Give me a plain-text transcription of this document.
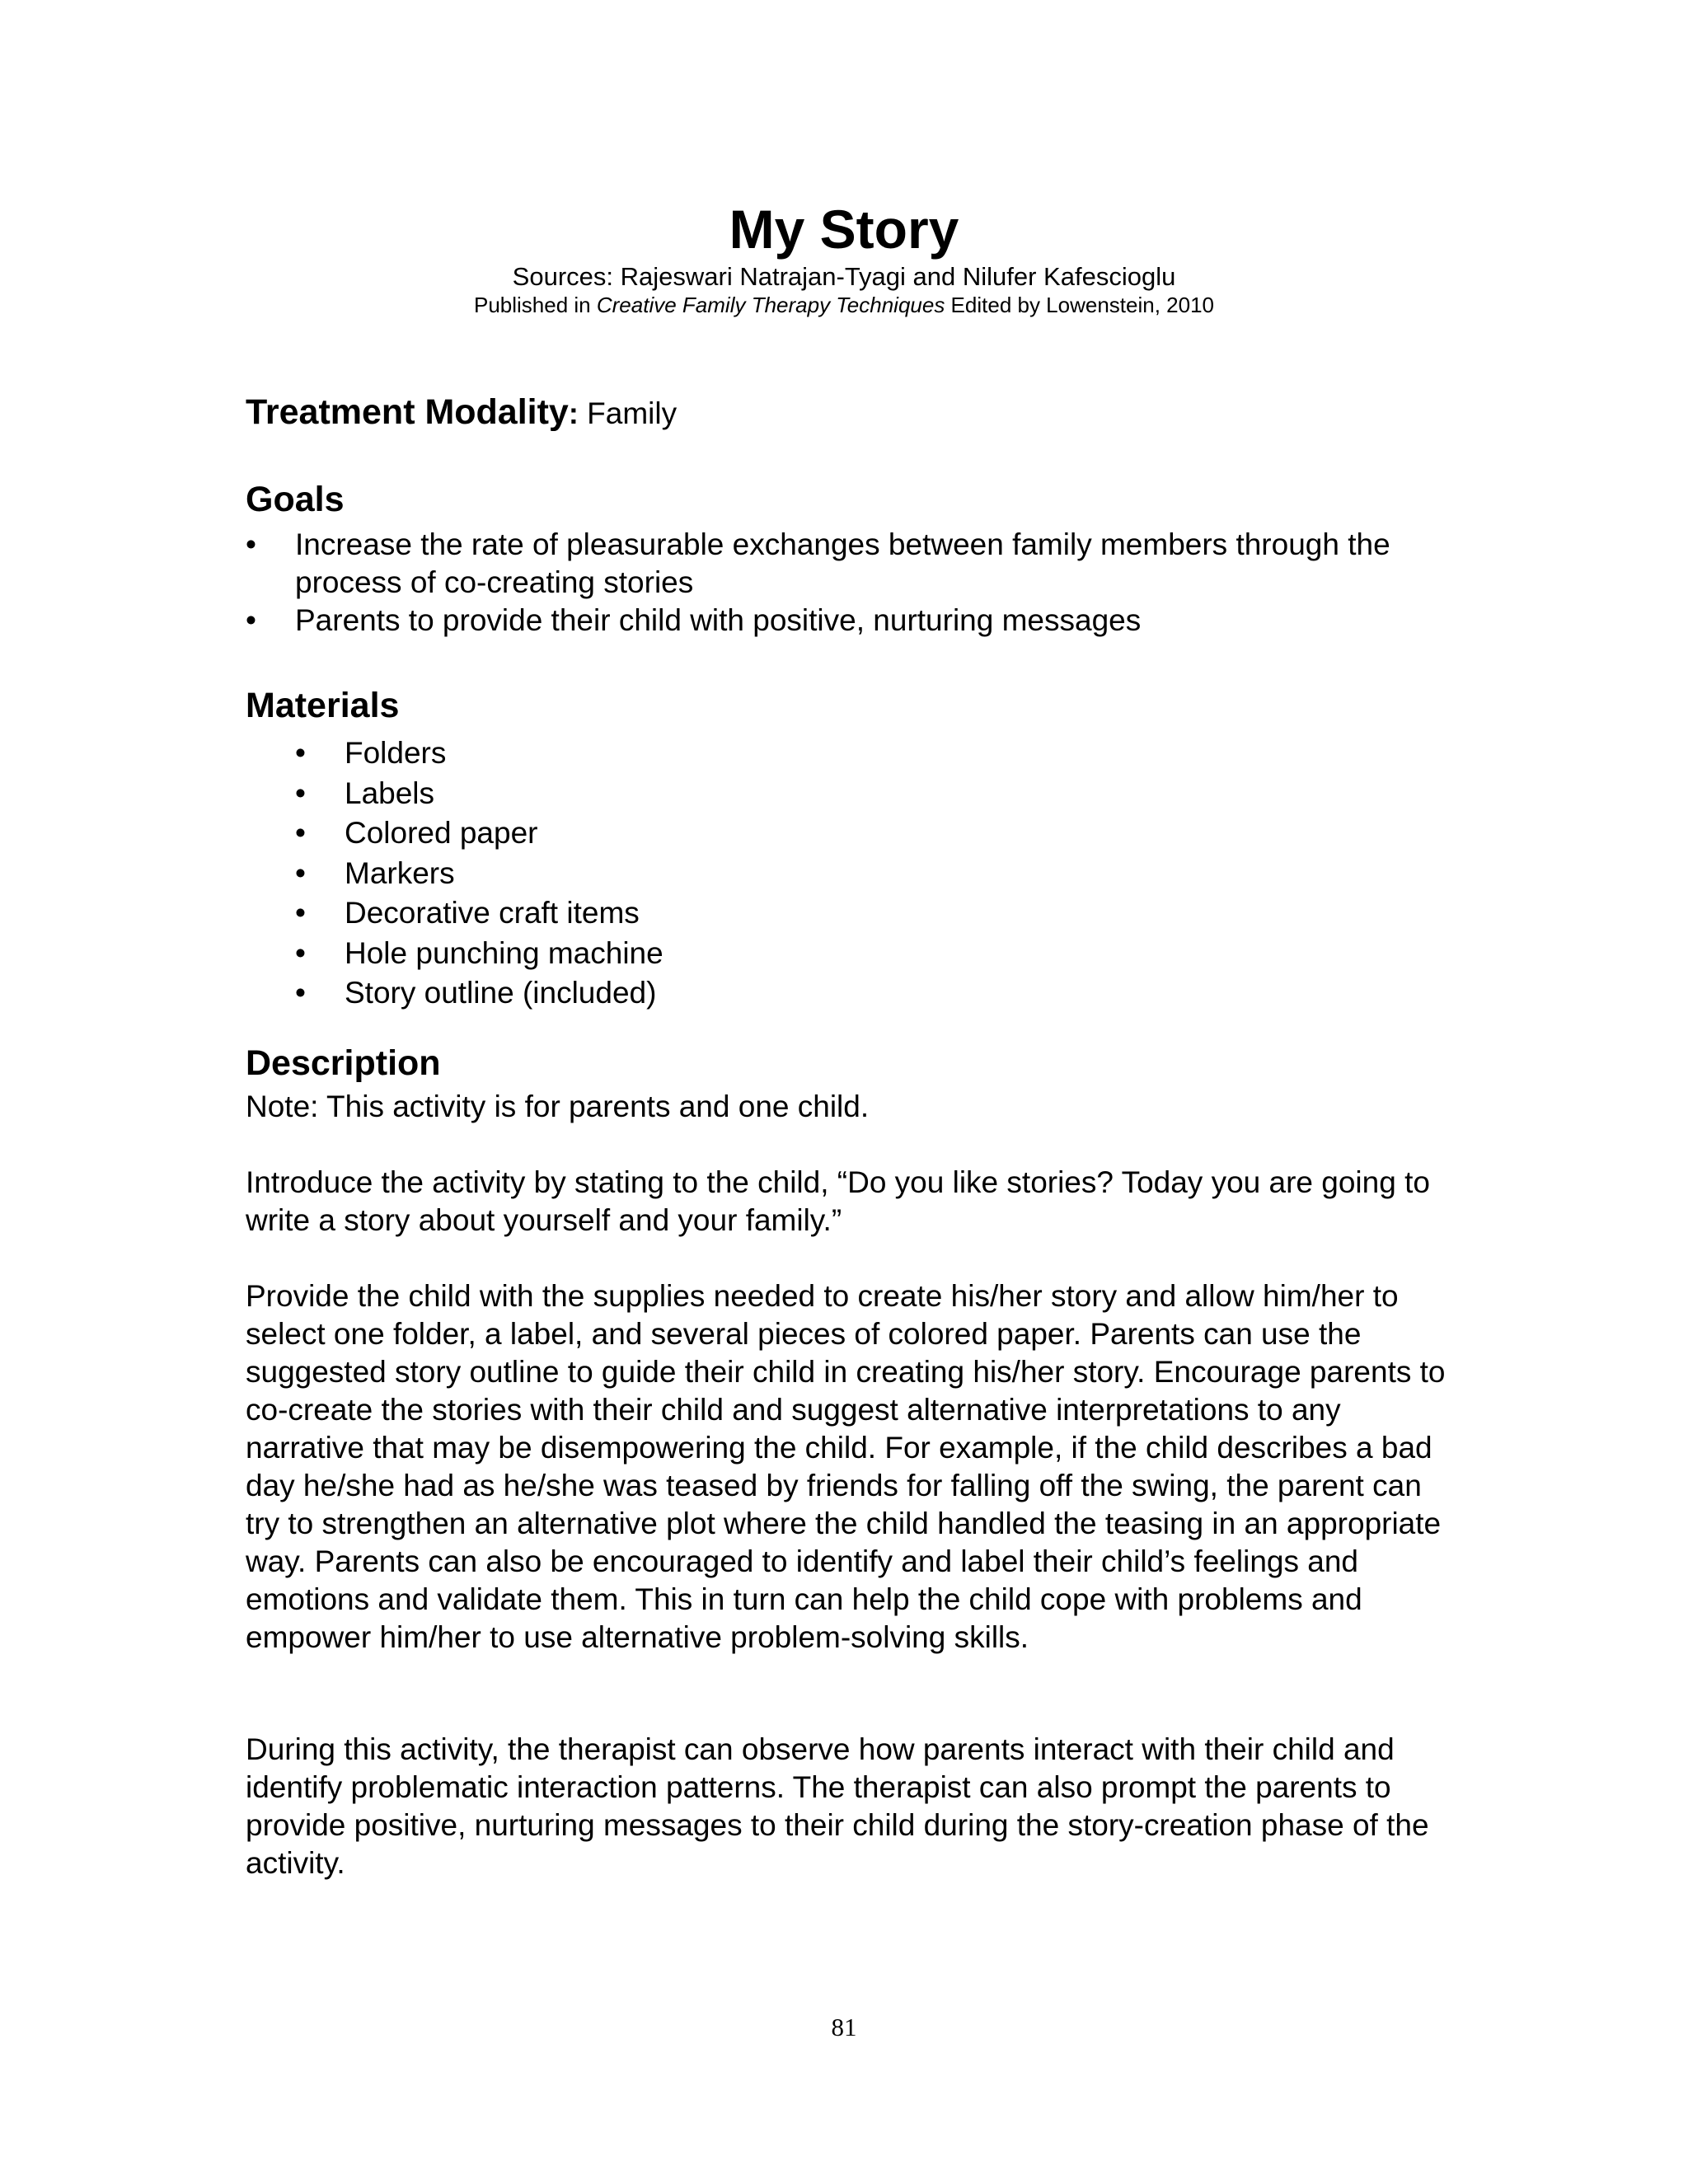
My Story
Sources: Rajeswari Natrajan-Tyagi and Nilufer Kafescioglu
Published in Creative Family Therapy Techniques Edited by Lowenstein, 2010
Treatment Modality: Family
Goals
•	Increase the rate of pleasurable exchanges between family members through the process of co-creating stories
•	Parents to provide their child with positive, nurturing messages
Materials
•	Folders
•	Labels
•	Colored paper
•	Markers
•	Decorative craft items
•	Hole punching machine
•	Story outline (included)
Description

Note: This activity is for parents and one child.

Introduce the activity by stating to the child, “Do you like stories? Today you are going to write a story about yourself and your family.”

Provide the child with the supplies needed to create his/her story and allow him/her to select one folder, a label, and several pieces of colored paper. Parents can use the suggested story outline to guide their child in creating his/her story. Encourage parents to co-create the stories with their child and suggest alternative interpretations to any narrative that may be disempowering the child. For example, if the child describes a bad day he/she had as he/she was teased by friends for falling off the swing, the parent can try to strengthen an alternative plot where the child handled the teasing in an appropriate way. Parents can also be encouraged to identify and label their child’s feelings and emotions and validate them. This in turn can help the child cope with problems and empower him/her to use alternative problem-solving skills.

During this activity, the therapist can observe how parents interact with their child and identify problematic interaction patterns. The therapist can also prompt the parents to provide positive, nurturing messages to their child during the story-creation phase of the activity.

81
